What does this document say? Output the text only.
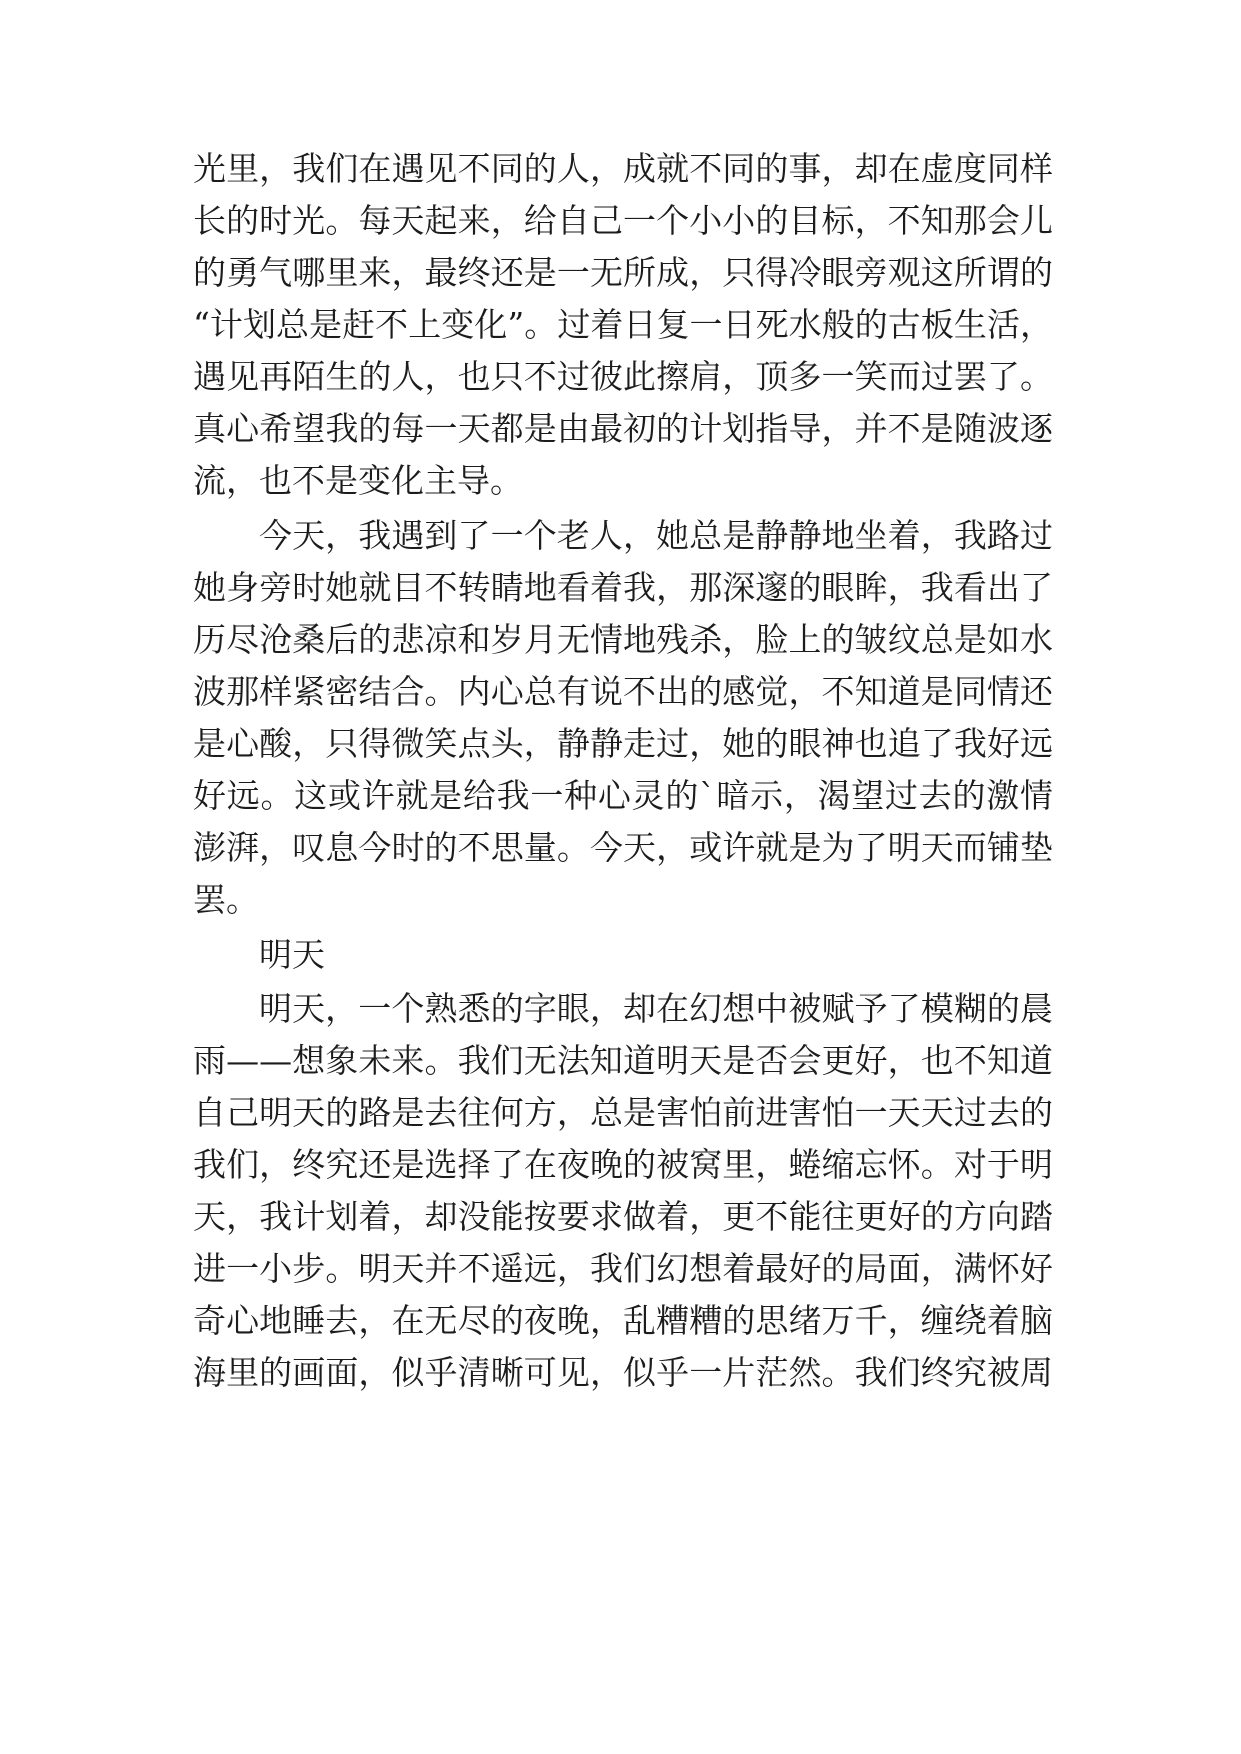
光里，我们在遇见不同的人，成就不同的事，却在虚度同样

长的时光。每天起来，给自己一个小小的目标，不知那会儿

的勇气哪里来，最终还是一无所成，只得冷眼旁观这所谓的

“计划总是赶不上变化”。过着日复一日死水般的古板生活，

遇见再陌生的人，也只不过彼此擦肩，顶多一笑而过罢了。

真心希望我的每一天都是由最初的计划指导，并不是随波逐

流，也不是变化主导。

今天，我遇到了一个老人，她总是静静地坐着，我路过

她身旁时她就目不转睛地看着我，那深邃的眼眸，我看出了

历尽沧桑后的悲凉和岁月无情地残杀，脸上的皱纹总是如水

波那样紧密结合。内心总有说不出的感觉，不知道是同情还

是心酸，只得微笑点头，静静走过，她的眼神也追了我好远

好远。这或许就是给我一种心灵的`暗示，渴望过去的激情

澎湃，叹息今时的不思量。今天，或许就是为了明天而铺垫

罢。

明天

明天，一个熟悉的字眼，却在幻想中被赋予了模糊的晨

雨——想象未来。我们无法知道明天是否会更好，也不知道

自己明天的路是去往何方，总是害怕前进害怕一天天过去的

我们，终究还是选择了在夜晚的被窝里，蜷缩忘怀。对于明

天，我计划着，却没能按要求做着，更不能往更好的方向踏

进一小步。明天并不遥远，我们幻想着最好的局面，满怀好

奇心地睡去，在无尽的夜晚，乱糟糟的思绪万千，缠绕着脑

海里的画面，似乎清晰可见，似乎一片茫然。我们终究被周
